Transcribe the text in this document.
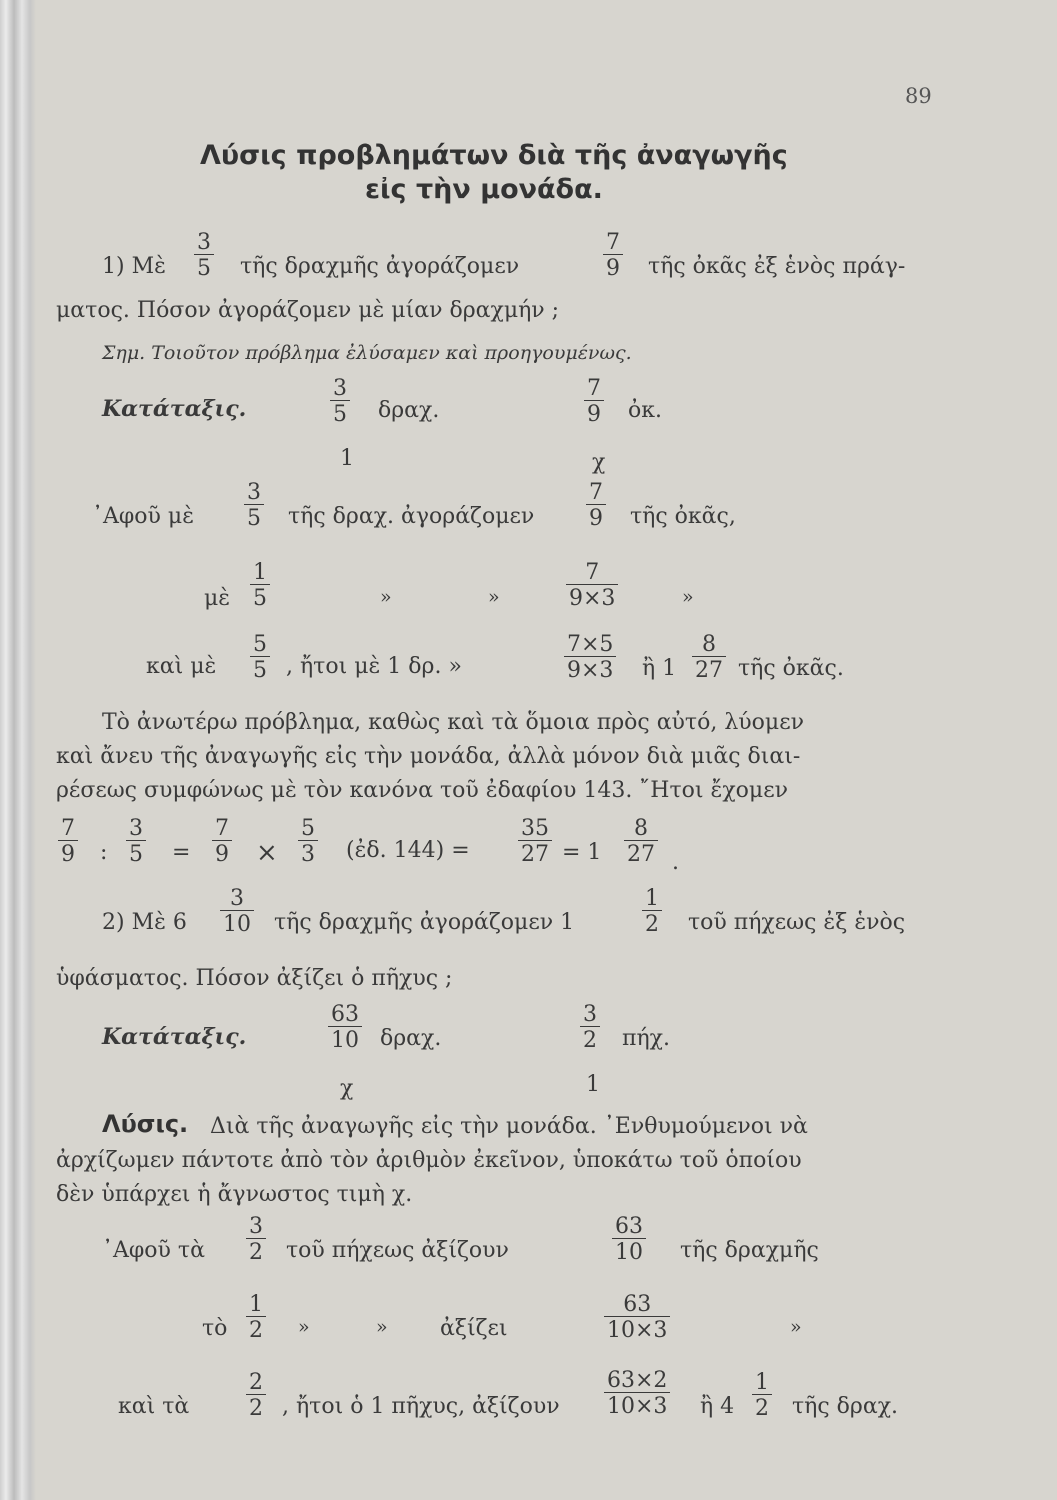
89
Λύσις προβλημάτων διὰ τῆς ἀναγωγῆς
εἰς τὴν μονάδα.
1) Μὲ $\frac{3}{5}$ τῆς δραχμῆς ἀγοράζομεν	$\frac{7}{9}$ τῆς ὀκᾶς ἐξ ἑνὸς πράγ-
ματος. Πόσον ἀγοράζομεν μὲ μίαν δραχμήν ;
Σημ. Τοιοῦτον πρόβλημα ἐλύσαμεν καὶ προηγουμένως.
Κατάταξις.	$\frac{3}{5} \delta\rho\alpha\chi$.	$\frac{7}{9}$ ὀκ.
1	χ
᾿Αφοῦ μὲ $\frac{3}{5}$ τῆς δραχ. ἀγοράζομεν $\frac{7}{9}$ τῆς ὀκᾶς,
μὲ $\frac{1}{5}$	»	»	$\frac{7}{9\times 3}$	»
καὶ μὲ $\frac{5}{5}$ , ἤτοι μὲ 1 δρ. »	$\frac{7\times 5}{9\times 3}$ ἢ $1 \frac{8}{27}$ τῆς ὀκᾶς.
Τὸ ἀνωτέρω πρόβλημα, καθὼς καὶ τὰ ὅμοια πρὸς αὐτό, λύομεν
καὶ ἄνευ τῆς ἀναγωγῆς εἰς τὴν μονάδα, ἀλλὰ μόνον διὰ μιᾶς διαι-
ρέσεως συμφώνως μὲ τὸν κανόνα τοῦ ἐδαφίου 143. ῎Ητοι ἔχομεν
$\frac{7}{9}$ : $\frac{3}{5} = \frac{7}{9} \times \frac{5}{3}$ (ἐδ. $144) = \frac{35}{27} = 1 \frac{8}{27}$ .
2) Μὲ $6 \frac{3}{10}$ τῆς δραχμῆς ἀγοράζομεν 1	$\frac{1}{2}$ τοῦ πήχεως ἐξ ἑνὸς
ὑφάσματος. Πόσον ἀξίζει ὁ πῆχυς ;
Κατάταξις.	$\frac{63}{10} \delta\rho\alpha\chi$.	$\frac{3}{2} \pi ή\chi$.
χ	1
Λύσις. Διὰ τῆς ἀναγωγῆς εἰς τὴν μονάδα. ᾿Ενθυμούμενοι νὰ
ἀρχίζωμεν πάντοτε ἀπὸ τὸν ἀριθμὸν ἐκεῖνον, ὑποκάτω τοῦ ὁποίου
δὲν ὑπάρχει ἡ ἄγνωστος τιμὴ χ.
᾿Αφοῦ τὰ $\frac{3}{2}$ τοῦ πήχεως ἀξίζουν	$\frac{63}{10}$ τῆς δραχμῆς
τὸ $\frac{1}{2}$ »	» ἀξίζει	$\frac{63}{10\times 3}$	»
καὶ τὰ	$\frac{2}{2}$ , ἤτοι ὁ 1 πῆχυς, ἀξίζουν $\frac{63\times 2}{10\times 3}$ ἢ $4 \frac{1}{2}$ τῆς δραχ.
